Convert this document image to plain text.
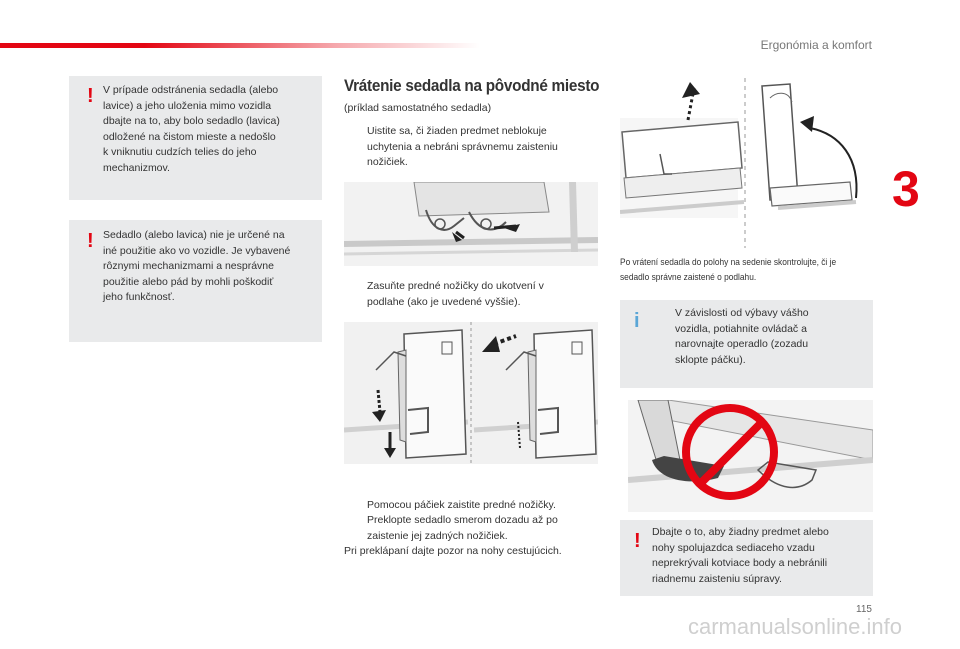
Ergonómia a komfort
3
! V prípade odstránenia sedadla (alebo
lavice) a jeho uloženia mimo vozidla
dbajte na to, aby bolo sedadlo (lavica)
odložené na čistom mieste a nedošlo
k vniknutiu cudzích telies do jeho
mechanizmov.
! Sedadlo (alebo lavica) nie je určené na
iné použitie ako vo vozidle. Je vybavené
rôznymi mechanizmami a nesprávne
použitie alebo pád by mohli poškodiť
jeho funkčnosť.
Vrátenie sedadla na pôvodné miesto
(príklad samostatného sedadla)
Uistite sa, či žiaden predmet neblokuje
uchytenia a nebráni správnemu zaisteniu
nožičiek.
Zasuňte predné nožičky do ukotvení v
podlahe (ako je uvedené vyššie).
Pomocou páčiek zaistite predné nožičky.
Preklopte sedadlo smerom dozadu až po
zaistenie jej zadných nožičiek.
Pri preklápaní dajte pozor na nohy cestujúcich.
Po vrátení sedadla do polohy na sedenie skontrolujte, či je
sedadlo správne zaistené o podlahu.
i	V závislosti od výbavy vášho
vozidla, potiahnite ovládač a
narovnajte operadlo (zozadu
sklopte páčku).
! Dbajte o to, aby žiadny predmet alebo
nohy spolujazdca sediaceho vzadu
neprekrývali kotviace body a nebránili
riadnemu zaisteniu súpravy.
115
carmanualsonline.info
